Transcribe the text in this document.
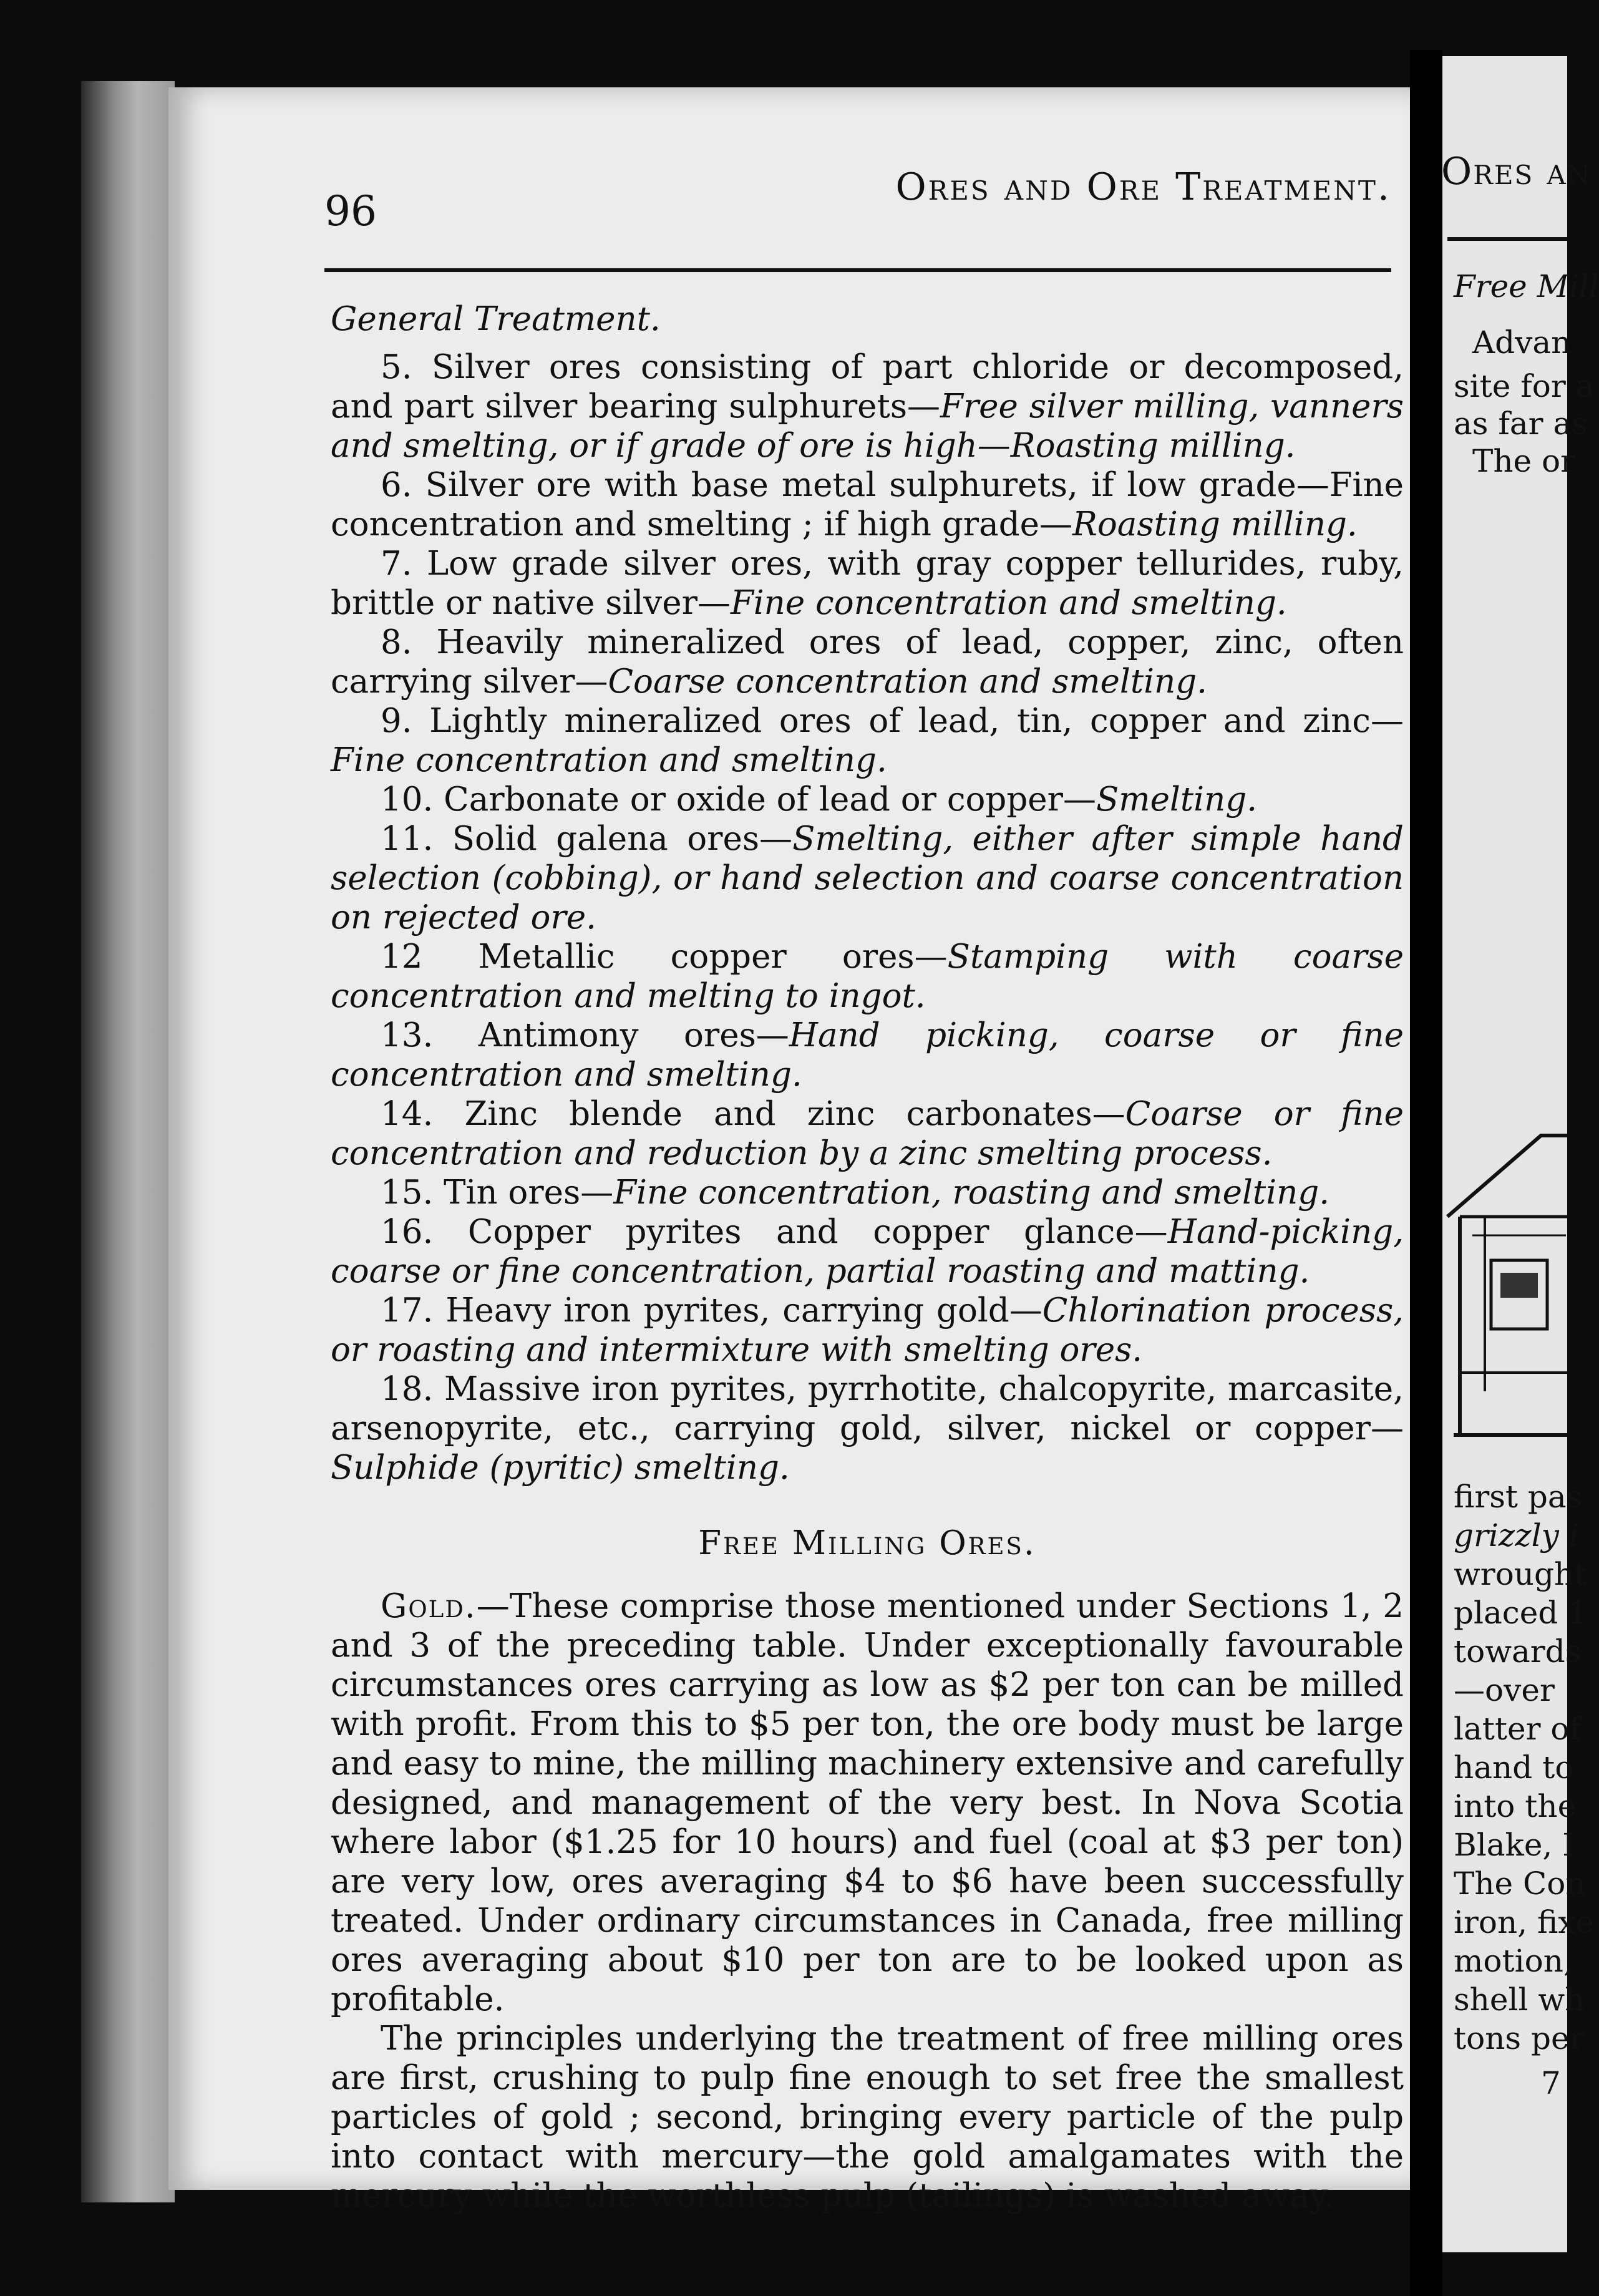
96	Ores and Ore Treatment.
General Treatment.

5. Silver ores consisting of part chloride or decomposed, and part silver bearing sulphurets—Free silver milling, vanners and smelting, or if grade of ore is high—Roasting milling.

6. Silver ore with base metal sulphurets, if low grade—Fine concentration and smelting ; if high grade—Roasting milling.

7. Low grade silver ores, with gray copper tellurides, ruby, brittle or native silver—Fine concentration and smelting.

8. Heavily mineralized ores of lead, copper, zinc, often carrying silver—Coarse concentration and smelting.

9. Lightly mineralized ores of lead, tin, copper and zinc—Fine concentration and smelting.

10. Carbonate or oxide of lead or copper—Smelting.

11. Solid galena ores—Smelting, either after simple hand selection (cobbing), or hand selection and coarse concentration on rejected ore.

12 Metallic copper ores—Stamping with coarse concentration and melting to ingot.

13. Antimony ores—Hand picking, coarse or fine concentration and smelting.

14. Zinc blende and zinc carbonates—Coarse or fine concentration and reduction by a zinc smelting process.

15. Tin ores—Fine concentration, roasting and smelting.

16. Copper pyrites and copper glance—Hand-picking, coarse or fine concentration, partial roasting and matting.

17. Heavy iron pyrites, carrying gold—Chlorination process, or roasting and intermixture with smelting ores.

18. Massive iron pyrites, pyrrhotite, chalcopyrite, marcasite, arsenopyrite, etc., carrying gold, silver, nickel or copper—Sulphide (pyritic) smelting.

Free Milling Ores.

Gold.—These comprise those mentioned under Sections 1, 2 and 3 of the preceding table. Under exceptionally favourable circumstances ores carrying as low as $2 per ton can be milled with profit. From this to $5 per ton, the ore body must be large and easy to mine, the milling machinery extensive and carefully designed, and management of the very best. In Nova Scotia where labor ($1.25 for 10 hours) and fuel (coal at $3 per ton) are very low, ores averaging $4 to $6 have been successfully treated. Under ordinary circumstances in Canada, free milling ores averaging about $10 per ton are to be looked upon as profitable.

The principles underlying the treatment of free milling ores are first, crushing to pulp fine enough to set free the smallest particles of gold ; second, bringing every particle of the pulp into contact with mercury—the gold amalgamates with the mercury while the worthless pulp (tailings) is washed away.

Ores an
Free Mill
Advan
site for a
as far as
The or
first pas
grizzly i
wrought
placed 1
towards
—over
latter of
hand to
into the
Blake, I
The Con
iron, fixe
motion,
shell wh
tons per
7
